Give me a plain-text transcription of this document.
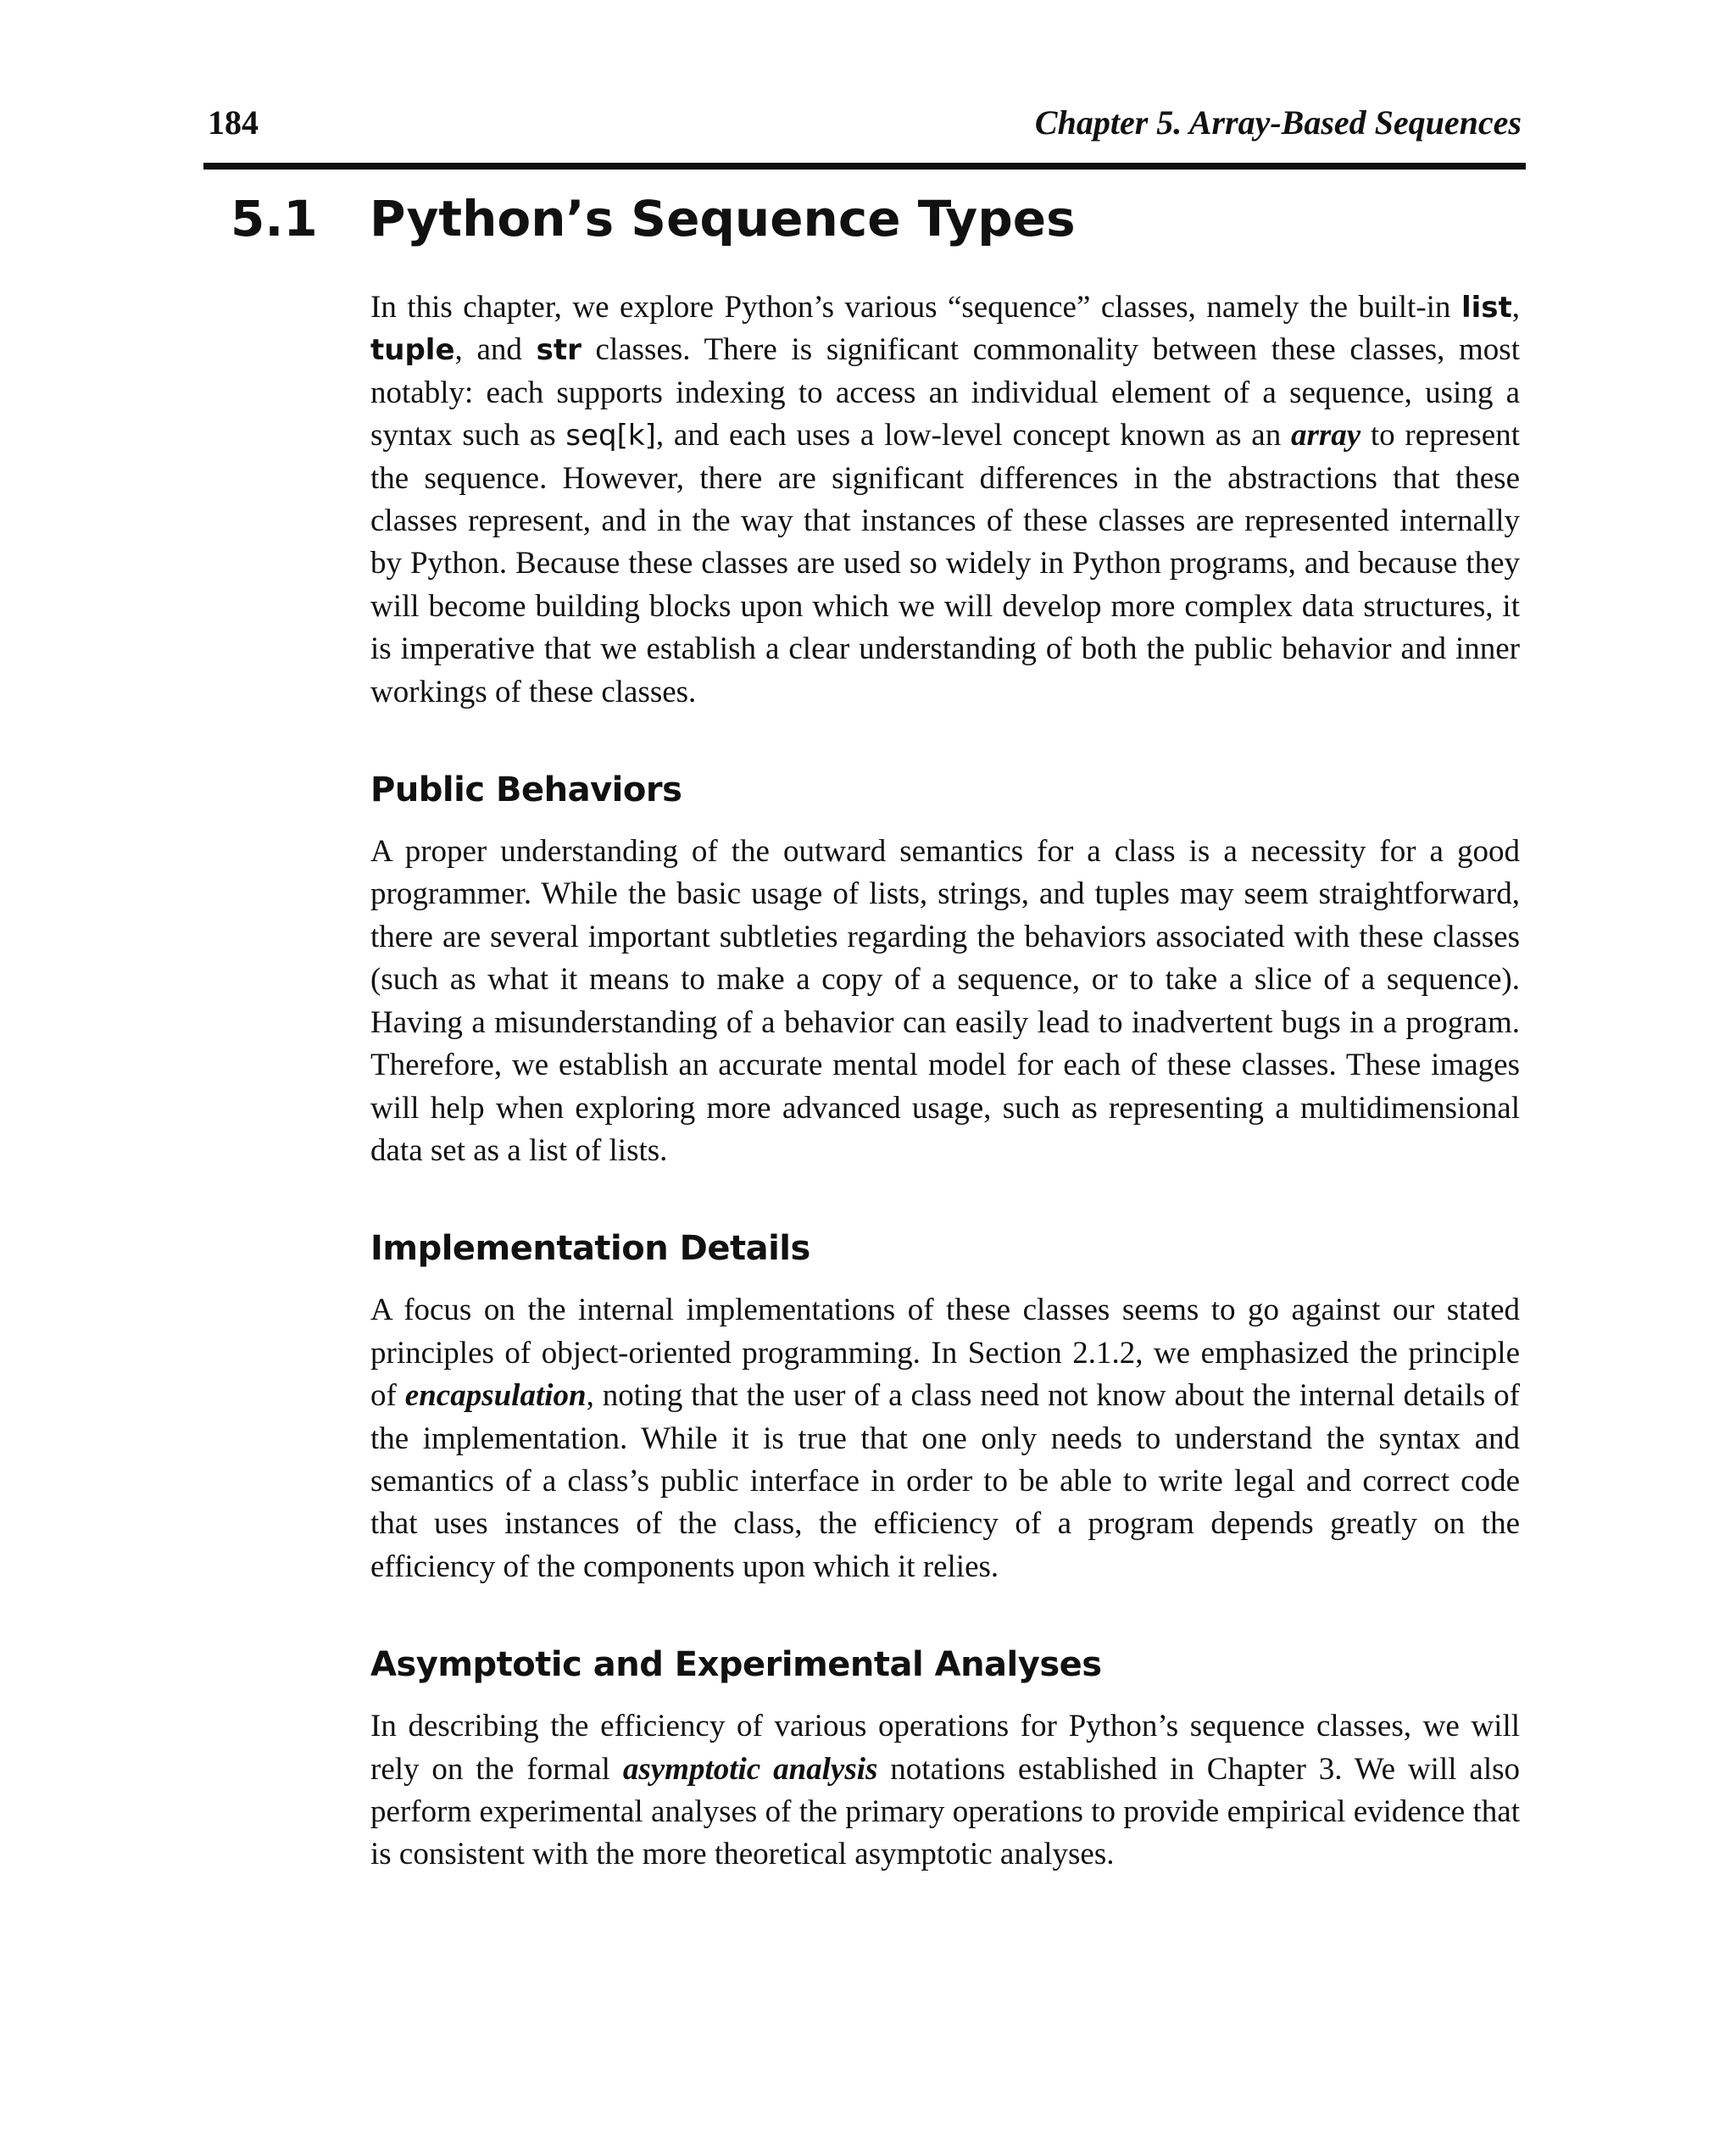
184	Chapter 5. Array-Based Sequences
5.1 Python’s Sequence Types

In this chapter, we explore Python’s various “sequence” classes, namely the built-in list, tuple, and str classes. There is significant commonality between these classes, most notably: each supports indexing to access an individual element of a sequence, using a syntax such as seq[k], and each uses a low-level concept known as an array to represent the sequence. However, there are significant differences in the abstractions that these classes represent, and in the way that instances of these classes are represented internally by Python. Because these classes are used so widely in Python programs, and because they will become building blocks upon which we will develop more complex data structures, it is imperative that we establish a clear understanding of both the public behavior and inner workings of these classes.

Public Behaviors

A proper understanding of the outward semantics for a class is a necessity for a good programmer. While the basic usage of lists, strings, and tuples may seem straightforward, there are several important subtleties regarding the behaviors associated with these classes (such as what it means to make a copy of a sequence, or to take a slice of a sequence). Having a misunderstanding of a behavior can easily lead to inadvertent bugs in a program. Therefore, we establish an accurate mental model for each of these classes. These images will help when exploring more advanced usage, such as representing a multidimensional data set as a list of lists.

Implementation Details

A focus on the internal implementations of these classes seems to go against our stated principles of object-oriented programming. In Section 2.1.2, we emphasized the principle of encapsulation, noting that the user of a class need not know about the internal details of the implementation. While it is true that one only needs to understand the syntax and semantics of a class’s public interface in order to be able to write legal and correct code that uses instances of the class, the efficiency of a program depends greatly on the efficiency of the components upon which it relies.

Asymptotic and Experimental Analyses

In describing the efficiency of various operations for Python’s sequence classes, we will rely on the formal asymptotic analysis notations established in Chapter 3. We will also perform experimental analyses of the primary operations to provide empirical evidence that is consistent with the more theoretical asymptotic analyses.
